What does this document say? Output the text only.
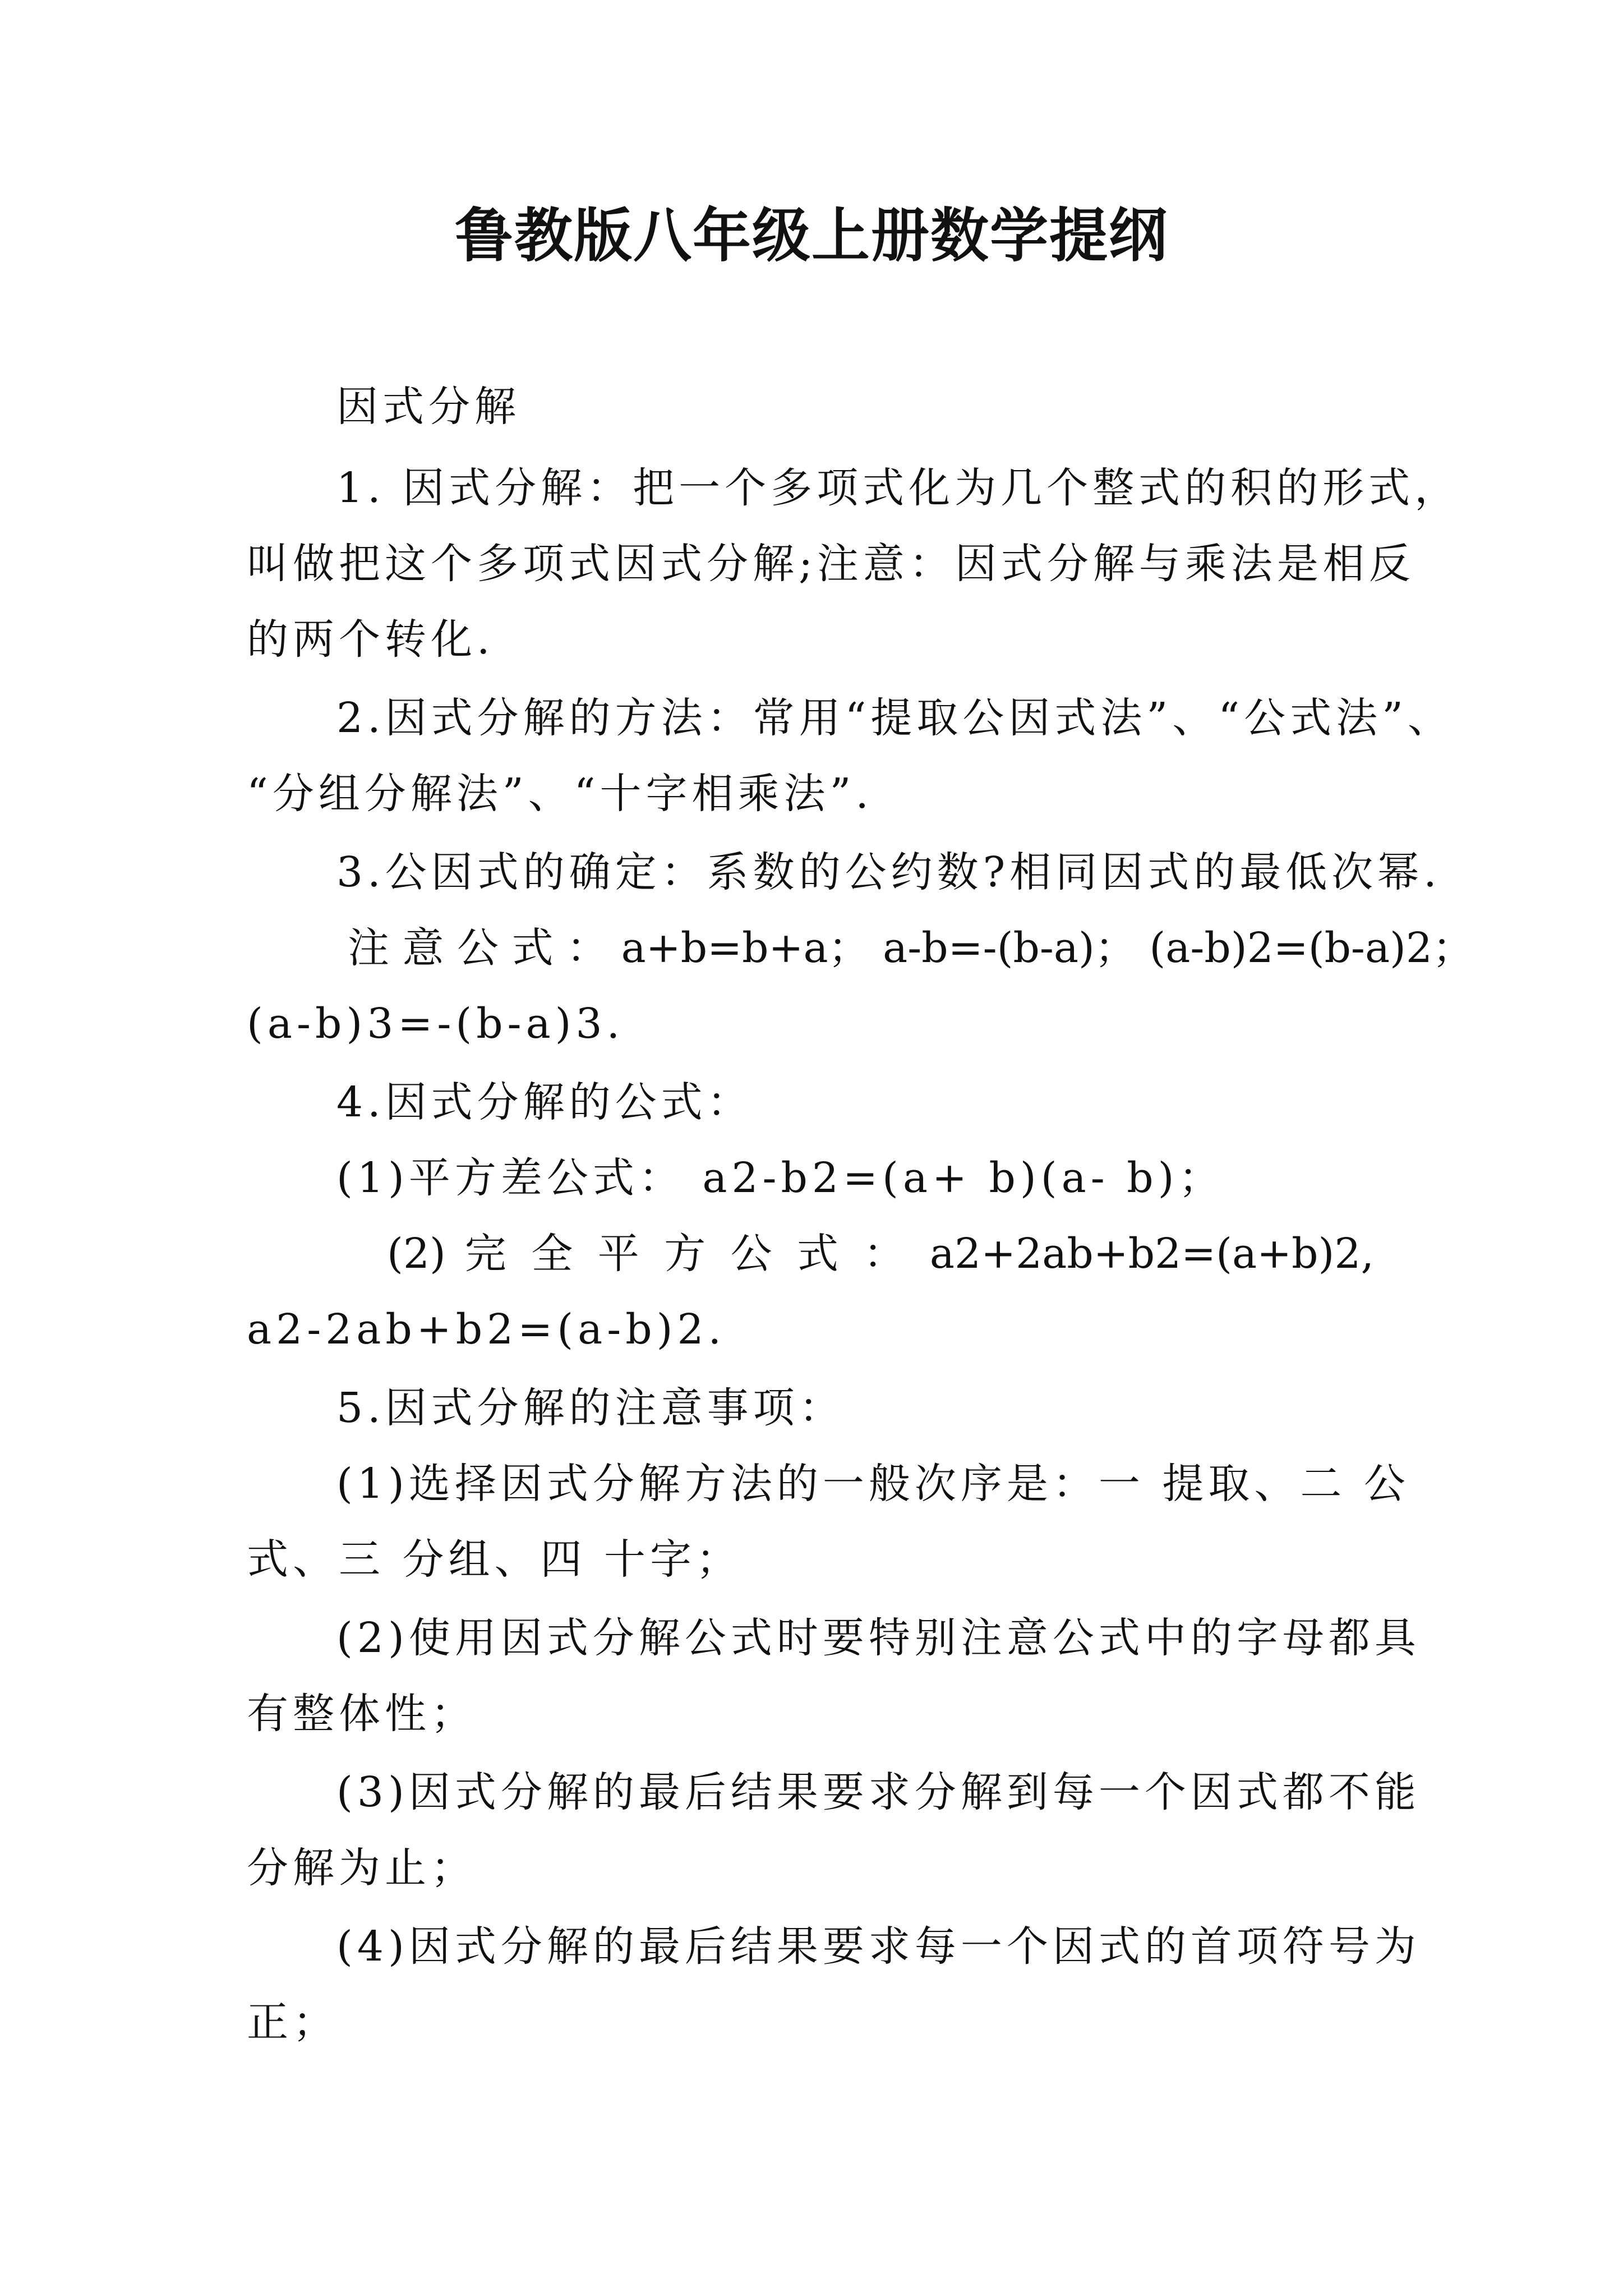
鲁教版八年级上册数学提纲
因式分解
1. 因式分解：把一个多项式化为几个整式的积的形式，
叫做把这个多项式因式分解;注意：因式分解与乘法是相反
的两个转化.
2.因式分解的方法：常用“提取公因式法”、“公式法”、
“分组分解法”、“十字相乘法”.
3.公因式的确定：系数的公约数?相同因式的最低次幂.
注 意 公 式 ： a+b=b+a； a-b=-(b-a)； (a-b)2=(b-a)2；
(a-b)3=-(b-a)3.
4.因式分解的公式：
(1)平方差公式： a2-b2=(a+ b)(a- b)；
(2) 完 全 平 方 公 式 ： a2+2ab+b2=(a+b)2,
a2-2ab+b2=(a-b)2.
5.因式分解的注意事项：
(1)选择因式分解方法的一般次序是：一 提取、二 公
式、三 分组、四 十字；
(2)使用因式分解公式时要特别注意公式中的字母都具
有整体性；
(3)因式分解的最后结果要求分解到每一个因式都不能
分解为止；
(4)因式分解的最后结果要求每一个因式的首项符号为
正；
